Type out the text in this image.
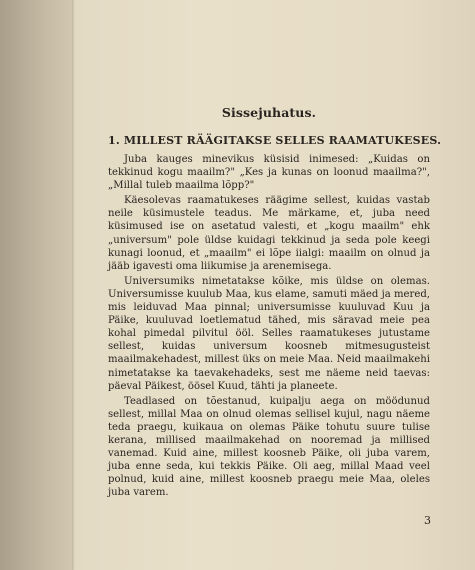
Sissejuhatus.
1. MILLEST RÄÄGITAKSE SELLES RAAMATUKESES.

Juba kauges minevikus küsisid inimesed: „Kuidas on tekkinud kogu maailm?" „Kes ja kunas on loonud maailma?", „Millal tuleb maailma lõpp?"

Käesolevas raamatukeses räägime sellest, kuidas vastab neile küsimustele teadus. Me märkame, et, juba need küsimused ise on asetatud valesti, et „kogu maailm" ehk „universum" pole üldse kuidagi tekkinud ja seda pole keegi kunagi loonud, et „maailm" ei lõpe iialgi: maailm on olnud ja jääb igavesti oma liikumise ja arenemisega.

Universumiks nimetatakse kõike, mis üldse on olemas. Universumisse kuulub Maa, kus elame, samuti mäed ja mered, mis leiduvad Maa pinnal; universumisse kuuluvad Kuu ja Päike, kuuluvad loetlematud tähed, mis säravad meie pea kohal pimedal pilvitul ööl. Selles raamatukeses jutustame sellest, kuidas universum koosneb mitmesugusteist maailmakehadest, millest üks on meie Maa. Neid maailmakehi nimetatakse ka taevakehadeks, sest me näeme neid taevas: päeval Päikest, öösel Kuud, tähti ja planeete.

Teadlased on tõestanud, kuipalju aega on möödunud sellest, millal Maa on olnud olemas sellisel kujul, nagu näeme teda praegu, kuikaua on olemas Päike tohutu suure tulise kerana, millised maailmakehad on nooremad ja millised vanemad. Kuid aine, millest koosneb Päike, oli juba varem, juba enne seda, kui tekkis Päike. Oli aeg, millal Maad veel polnud, kuid aine, millest koosneb praegu meie Maa, oleles juba varem.

3
